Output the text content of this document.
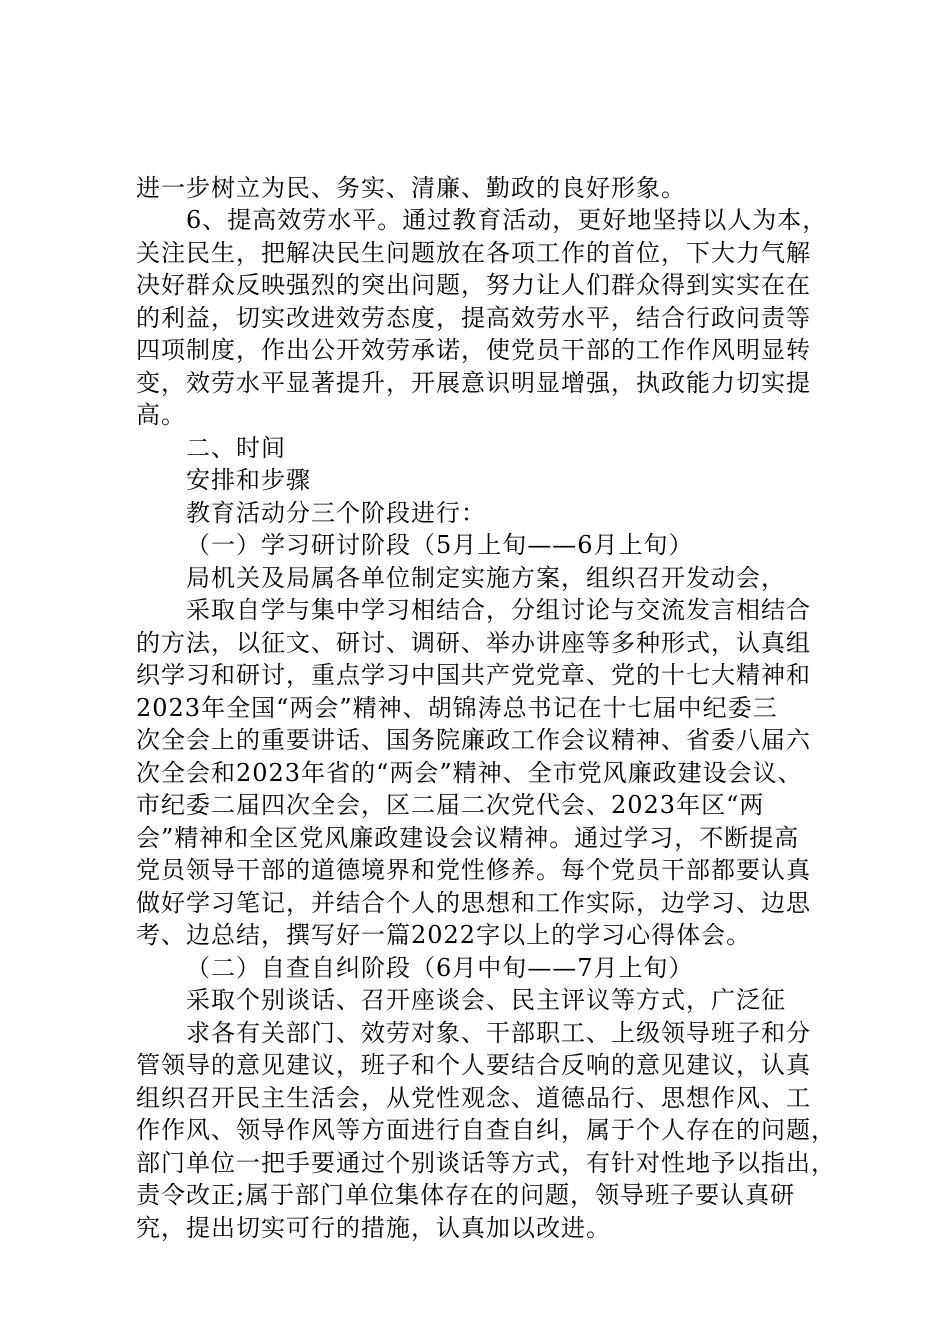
进一步树立为民、务实、清廉、勤政的良好形象。
6、提高效劳水平。通过教育活动，更好地坚持以人为本，
关注民生，把解决民生问题放在各项工作的首位，下大力气解
决好群众反映强烈的突出问题，努力让人们群众得到实实在在
的利益，切实改进效劳态度，提高效劳水平，结合行政问责等
四项制度，作出公开效劳承诺，使党员干部的工作作风明显转
变，效劳水平显著提升，开展意识明显增强，执政能力切实提
高。
二、时间
安排和步骤
教育活动分三个阶段进行：
（一）学习研讨阶段（5月上旬——6月上旬）
局机关及局属各单位制定实施方案，组织召开发动会，
采取自学与集中学习相结合，分组讨论与交流发言相结合
的方法，以征文、研讨、调研、举办讲座等多种形式，认真组
织学习和研讨，重点学习中国共产党党章、党的十七大精神和
2023年全国“两会”精神、胡锦涛总书记在十七届中纪委三
次全会上的重要讲话、国务院廉政工作会议精神、省委八届六
次全会和2023年省的“两会”精神、全市党风廉政建设会议、
市纪委二届四次全会，区二届二次党代会、2023年区“两
会”精神和全区党风廉政建设会议精神。通过学习，不断提高
党员领导干部的道德境界和党性修养。每个党员干部都要认真
做好学习笔记，并结合个人的思想和工作实际，边学习、边思
考、边总结，撰写好一篇2022字以上的学习心得体会。
（二）自查自纠阶段（6月中旬——7月上旬）
采取个别谈话、召开座谈会、民主评议等方式，广泛征
求各有关部门、效劳对象、干部职工、上级领导班子和分
管领导的意见建议，班子和个人要结合反响的意见建议，认真
组织召开民主生活会，从党性观念、道德品行、思想作风、工
作作风、领导作风等方面进行自查自纠，属于个人存在的问题，
部门单位一把手要通过个别谈话等方式，有针对性地予以指出，
责令改正;属于部门单位集体存在的问题，领导班子要认真研
究，提出切实可行的措施，认真加以改进。
